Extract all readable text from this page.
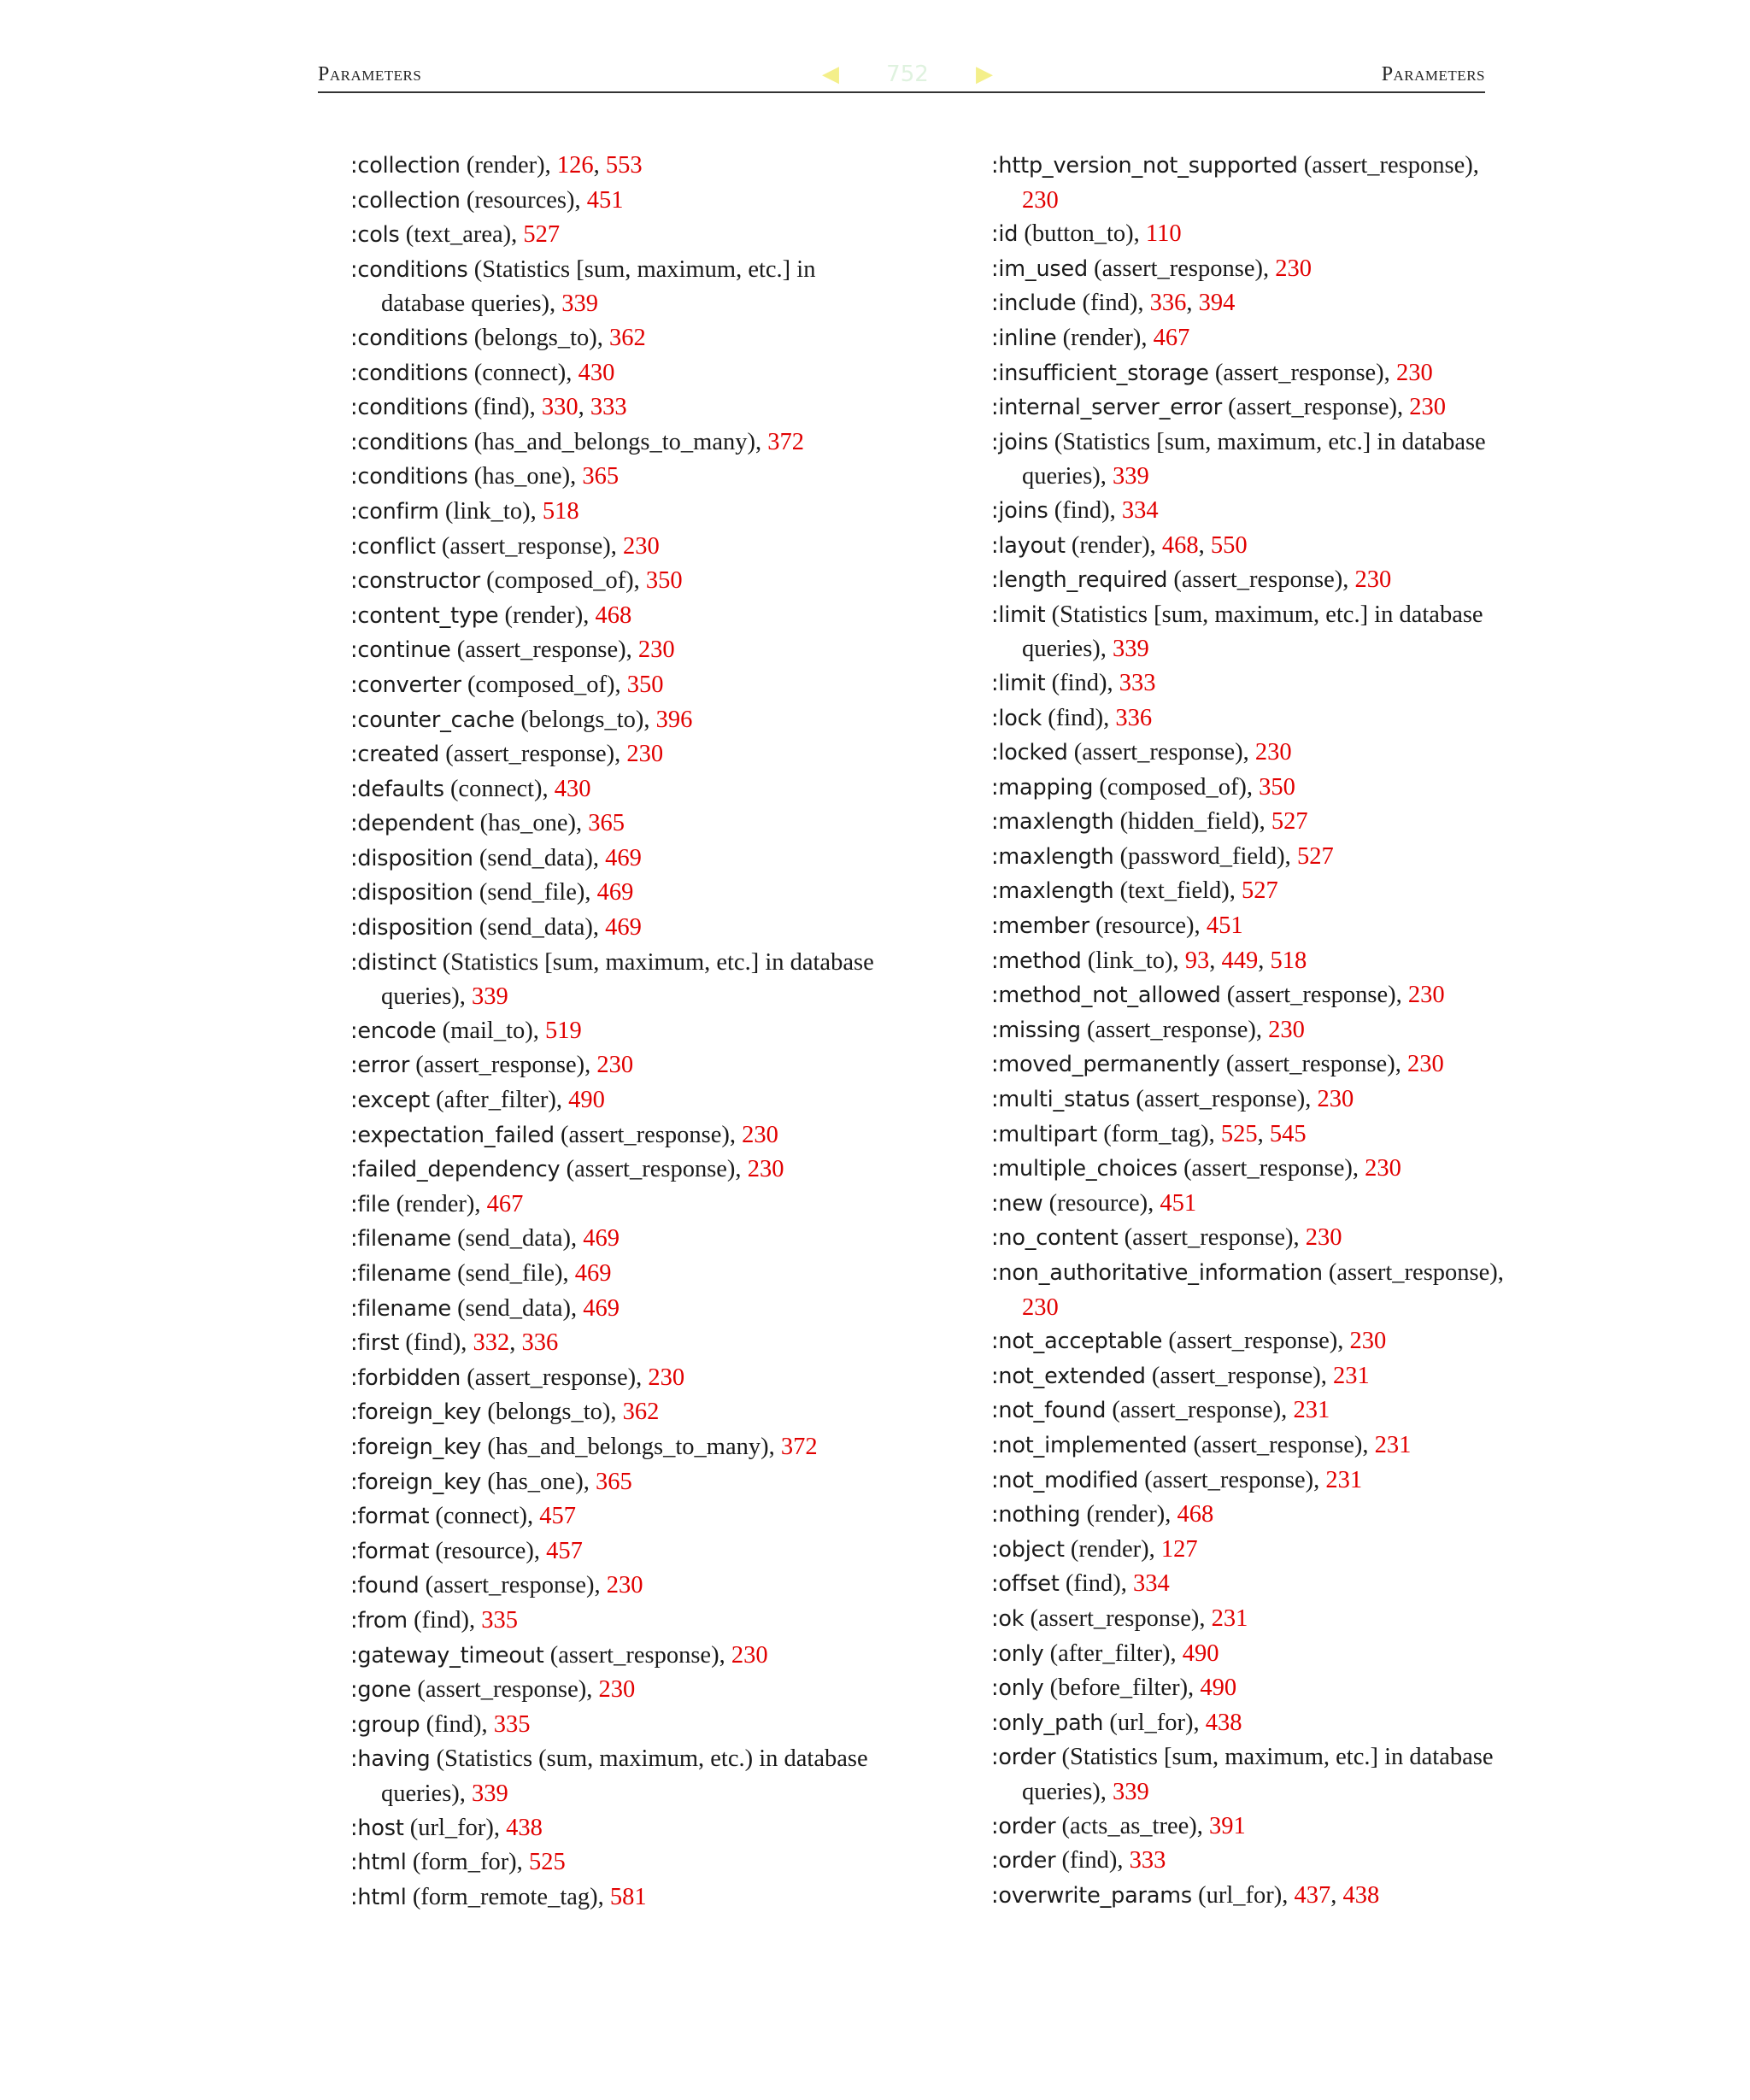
Parameters	◀	752	▶	Parameters
:collection (render), 126, 553
:collection (resources), 451
:cols (text_area), 527
:conditions (Statistics [sum, maximum, etc.] in database queries), 339
:conditions (belongs_to), 362
:conditions (connect), 430
:conditions (find), 330, 333
:conditions (has_and_belongs_to_many), 372
:conditions (has_one), 365
:confirm (link_to), 518
:conflict (assert_response), 230
:constructor (composed_of), 350
:content_type (render), 468
:continue (assert_response), 230
:converter (composed_of), 350
:counter_cache (belongs_to), 396
:created (assert_response), 230
:defaults (connect), 430
:dependent (has_one), 365
:disposition (send_data), 469
:disposition (send_file), 469
:disposition (send_data), 469
:distinct (Statistics [sum, maximum, etc.] in database queries), 339
:encode (mail_to), 519
:error (assert_response), 230
:except (after_filter), 490
:expectation_failed (assert_response), 230
:failed_dependency (assert_response), 230
:file (render), 467
:filename (send_data), 469
:filename (send_file), 469
:filename (send_data), 469
:first (find), 332, 336
:forbidden (assert_response), 230
:foreign_key (belongs_to), 362
:foreign_key (has_and_belongs_to_many), 372
:foreign_key (has_one), 365
:format (connect), 457
:format (resource), 457
:found (assert_response), 230
:from (find), 335
:gateway_timeout (assert_response), 230
:gone (assert_response), 230
:group (find), 335
:having (Statistics (sum, maximum, etc.) in database queries), 339
:host (url_for), 438
:html (form_for), 525
:html (form_remote_tag), 581
:http_version_not_supported (assert_response), 230
:id (button_to), 110
:im_used (assert_response), 230
:include (find), 336, 394
:inline (render), 467
:insufficient_storage (assert_response), 230
:internal_server_error (assert_response), 230
:joins (Statistics [sum, maximum, etc.] in database queries), 339
:joins (find), 334
:layout (render), 468, 550
:length_required (assert_response), 230
:limit (Statistics [sum, maximum, etc.] in database queries), 339
:limit (find), 333
:lock (find), 336
:locked (assert_response), 230
:mapping (composed_of), 350
:maxlength (hidden_field), 527
:maxlength (password_field), 527
:maxlength (text_field), 527
:member (resource), 451
:method (link_to), 93, 449, 518
:method_not_allowed (assert_response), 230
:missing (assert_response), 230
:moved_permanently (assert_response), 230
:multi_status (assert_response), 230
:multipart (form_tag), 525, 545
:multiple_choices (assert_response), 230
:new (resource), 451
:no_content (assert_response), 230
:non_authoritative_information (assert_response), 230
:not_acceptable (assert_response), 230
:not_extended (assert_response), 231
:not_found (assert_response), 231
:not_implemented (assert_response), 231
:not_modified (assert_response), 231
:nothing (render), 468
:object (render), 127
:offset (find), 334
:ok (assert_response), 231
:only (after_filter), 490
:only (before_filter), 490
:only_path (url_for), 438
:order (Statistics [sum, maximum, etc.] in database queries), 339
:order (acts_as_tree), 391
:order (find), 333
:overwrite_params (url_for), 437, 438
